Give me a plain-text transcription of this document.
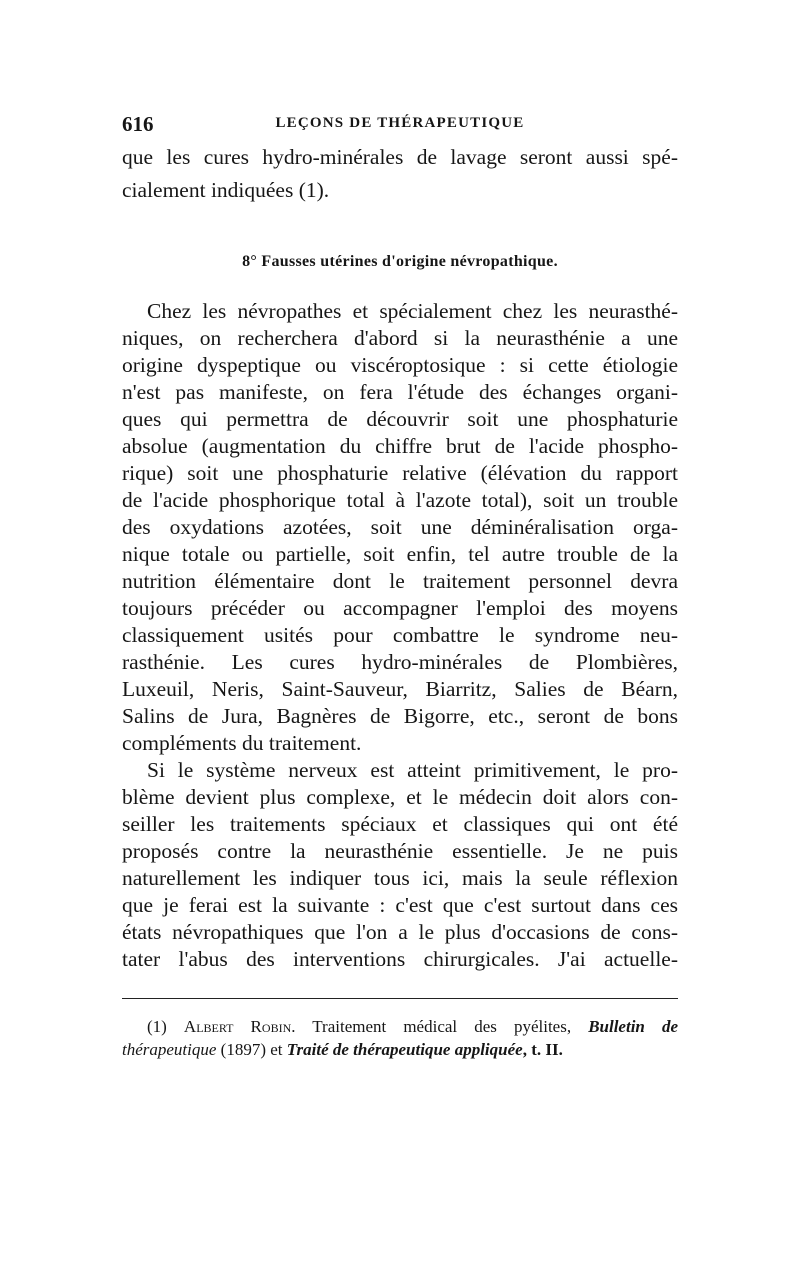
616	LEÇONS DE THÉRAPEUTIQUE
que les cures hydro-minérales de lavage seront aussi spé-
cialement indiquées (1).
8° Fausses utérines d'origine névropathique.
Chez les névropathes et spécialement chez les neurasthé-
niques, on recherchera d'abord si la neurasthénie a une
origine dyspeptique ou viscéroptosique : si cette étiologie
n'est pas manifeste, on fera l'étude des échanges organi-
ques qui permettra de découvrir soit une phosphaturie
absolue (augmentation du chiffre brut de l'acide phospho-
rique) soit une phosphaturie relative (élévation du rapport
de l'acide phosphorique total à l'azote total), soit un trouble
des oxydations azotées, soit une déminéralisation orga-
nique totale ou partielle, soit enfin, tel autre trouble de la
nutrition élémentaire dont le traitement personnel devra
toujours précéder ou accompagner l'emploi des moyens
classiquement usités pour combattre le syndrome neu-
rasthénie. Les cures hydro-minérales de Plombières,
Luxeuil, Neris, Saint-Sauveur, Biarritz, Salies de Béarn,
Salins de Jura, Bagnères de Bigorre, etc., seront de bons
compléments du traitement.
Si le système nerveux est atteint primitivement, le pro-
blème devient plus complexe, et le médecin doit alors con-
seiller les traitements spéciaux et classiques qui ont été
proposés contre la neurasthénie essentielle. Je ne puis
naturellement les indiquer tous ici, mais la seule réflexion
que je ferai est la suivante : c'est que c'est surtout dans ces
états névropathiques que l'on a le plus d'occasions de cons-
tater l'abus des interventions chirurgicales. J'ai actuelle-
(1) Albert Robin. Traitement médical des pyélites, Bulletin de
thérapeutique (1897) et Traité de thérapeutique appliquée, t. II.
